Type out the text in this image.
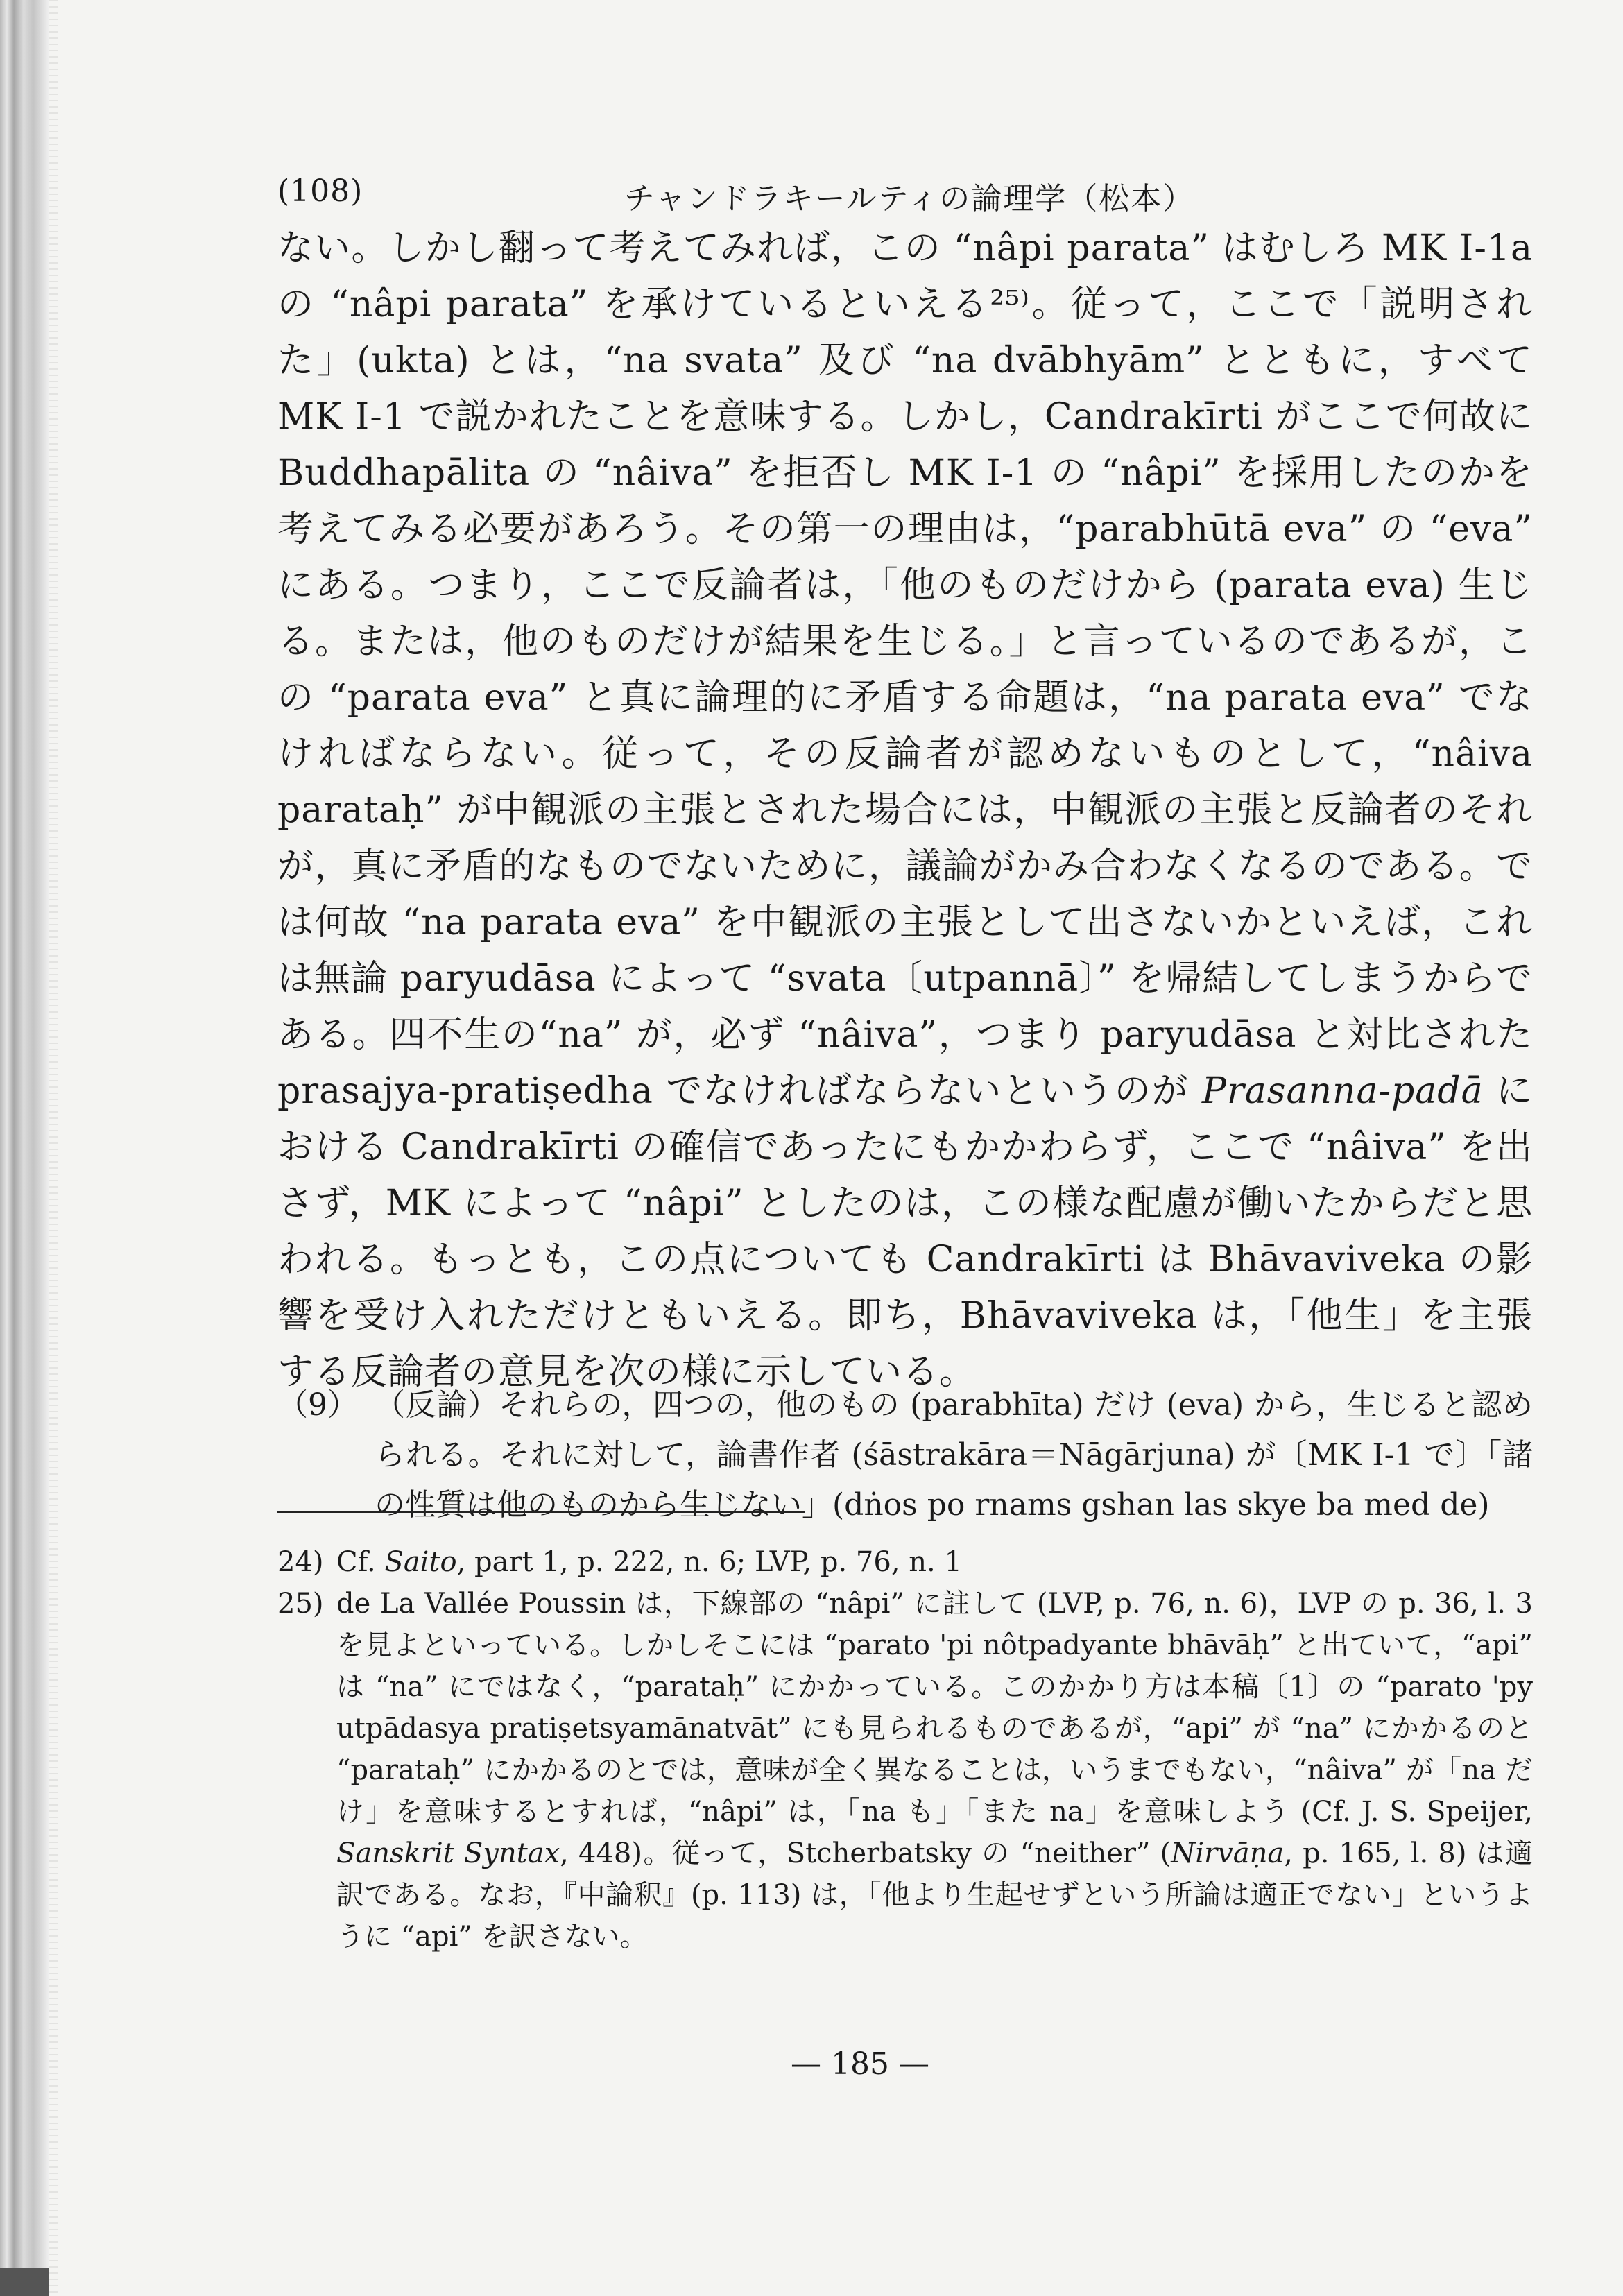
(108)	チャンドラキールティの論理学（松本）

ない。しかし翻って考えてみれば，この “nâpi parata” はむしろ MK I-1a の “nâpi parata” を承けているといえる²⁵⁾。従って，ここで「説明された」(ukta) とは，“na svata” 及び “na dvābhyām” とともに，すべて MK I-1 で説かれたことを意味する。しかし，Candrakīrti がここで何故に Buddhapālita の “nâiva” を拒否し MK I-1 の “nâpi” を採用したのかを考えてみる必要があろう。その第一の理由は，“parabhūtā eva” の “eva” にある。つまり，ここで反論者は，「他のものだけから (parata eva) 生じる。または，他のものだけが結果を生じる。」と言っているのであるが，この “parata eva” と真に論理的に矛盾する命題は，“na parata eva” でなければならない。従って，その反論者が認めないものとして，“nâiva parataḥ” が中観派の主張とされた場合には，中観派の主張と反論者のそれが，真に矛盾的なものでないために，議論がかみ合わなくなるのである。では何故 “na parata eva” を中観派の主張として出さないかといえば，これは無論 paryudāsa によって “svata〔utpannā〕” を帰結してしまうからである。四不生の“na” が，必ず “nâiva”，つまり paryudāsa と対比された prasajya-pratiṣedha でなければならないというのが Prasanna-padā における Candrakīrti の確信であったにもかかわらず，ここで “nâiva” を出さず，MK によって “nâpi” としたのは，この様な配慮が働いたからだと思われる。もっとも，この点についても Candrakīrti は Bhāvaviveka の影響を受け入れただけともいえる。即ち，Bhāvaviveka は，「他生」を主張する反論者の意見を次の様に示している。

（9） （反論）それらの，四つの，他のもの (parabhīta) だけ (eva) から，生じると認められる。それに対して，論書作者 (śāstrakāra＝Nāgārjuna) が〔MK I-1 で〕「諸の性質は他のものから生じない」(dṅos po rnams gshan las skye ba med de)
24) Cf. Saito, part 1, p. 222, n. 6; LVP, p. 76, n. 1
25) de La Vallée Poussin は，下線部の “nâpi” に註して (LVP, p. 76, n. 6)，LVP の p. 36, l. 3 を見よといっている。しかしそこには “parato 'pi nôtpadyante bhāvāḥ” と出ていて，“api” は “na” にではなく，“parataḥ” にかかっている。このかかり方は本稿〔1〕の “parato 'py utpādasya pratiṣetsyamānatvāt” にも見られるものであるが，“api” が “na” にかかるのと “parataḥ” にかかるのとでは，意味が全く異なることは，いうまでもない，“nâiva” が「na だけ」を意味するとすれば，“nâpi” は，「na も」「また na」を意味しよう (Cf. J. S. Speijer, Sanskrit Syntax, 448)。従って，Stcherbatsky の “neither” (Nirvāṇa, p. 165, l. 8) は適訳である。なお，『中論釈』(p. 113) は，「他より生起せずという所論は適正でない」というように “api” を訳さない。
— 185 —
